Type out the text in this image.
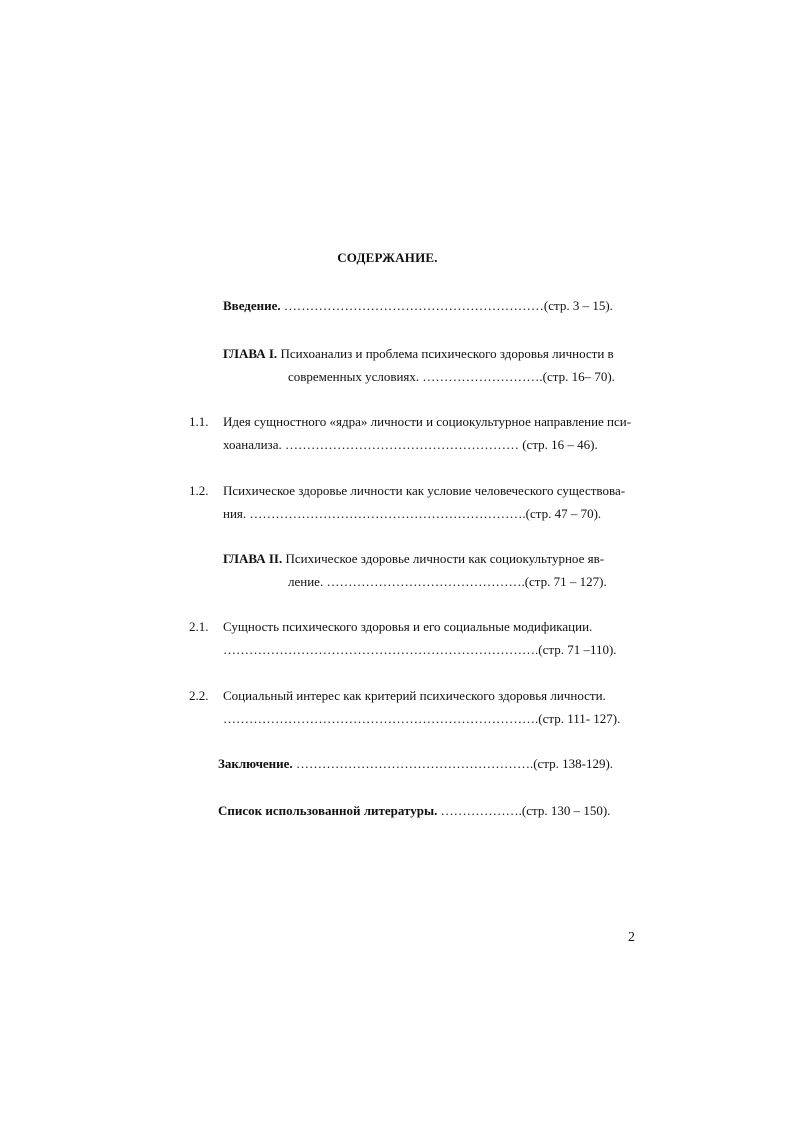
СОДЕРЖАНИЕ.
Введение. ……………………………………………………(стр. 3 – 15).
ГЛАВА I. Психоанализ и проблема психического здоровья личности в
современных условиях. ……………………….(стр. 16– 70).
1.1. Идея сущностного «ядра» личности и социокультурное направление пси-
хоанализа. ……………………………………………… (стр. 16 – 46).
1.2. Психическое здоровье личности как условие человеческого существова-
ния. ……………………………………………………….(стр. 47 – 70).
ГЛАВА II. Психическое здоровье личности как социокультурное яв-
ление. ……………………………………….(стр. 71 – 127).
2.1. Сущность психического здоровья и его социальные модификации.
……………………………………………………………….(стр. 71 –110).
2.2. Социальный интерес как критерий психического здоровья личности.
……………………………………………………………….(стр. 111- 127).
Заключение. ……………………………………………….(стр. 138-129).
Список использованной литературы. ……………….(стр. 130 – 150).
2
